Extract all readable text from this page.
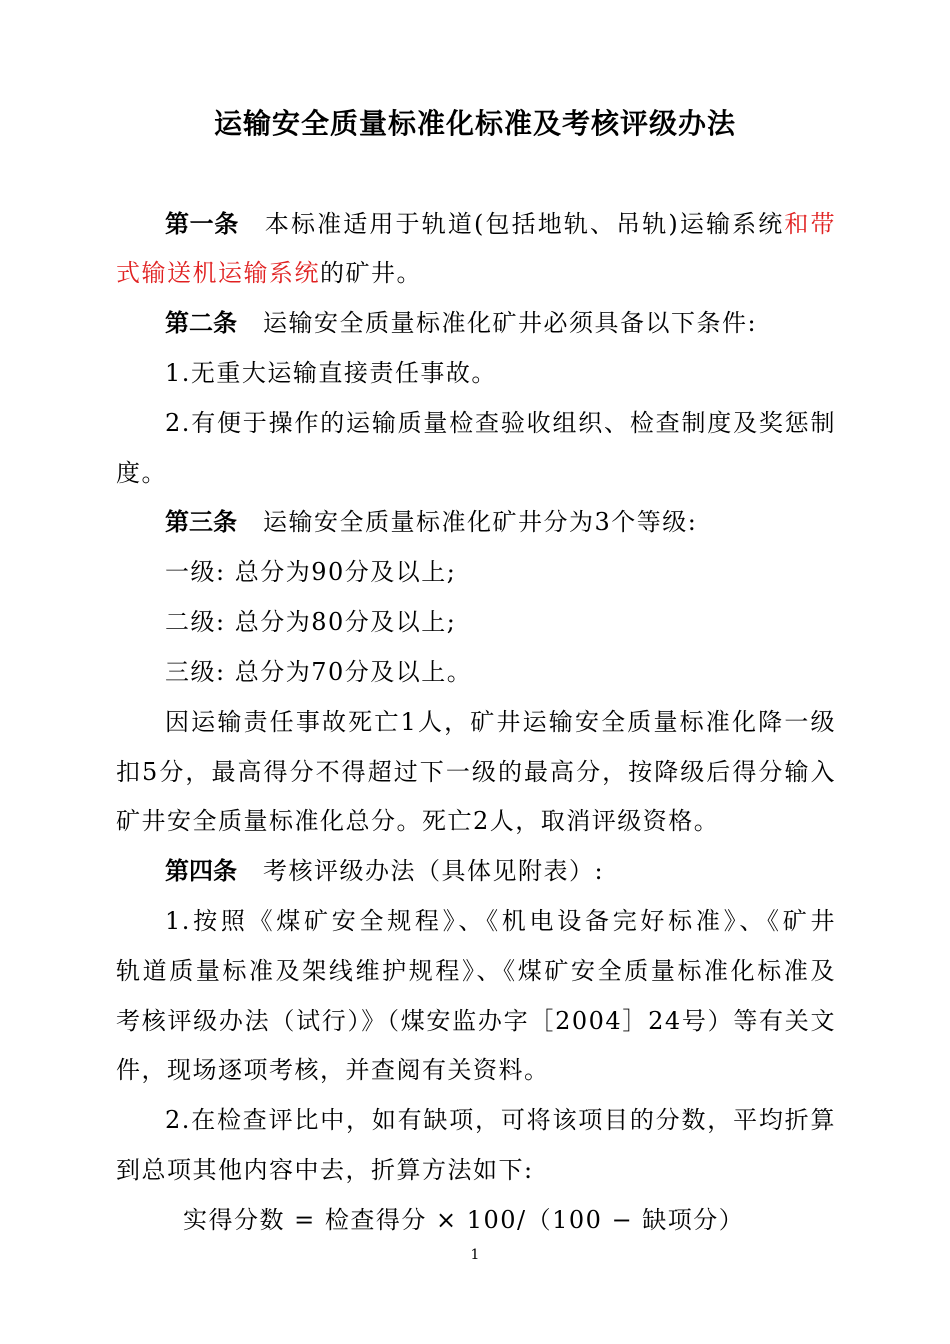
运输安全质量标准化标准及考核评级办法
第一条 本标准适用于轨道(包括地轨、吊轨)运输系统和带
式输送机运输系统的矿井。
第二条 运输安全质量标准化矿井必须具备以下条件:
1.无重大运输直接责任事故。
2.有便于操作的运输质量检查验收组织、检查制度及奖惩制
度。
第三条 运输安全质量标准化矿井分为3个等级:
一级: 总分为90分及以上;
二级: 总分为80分及以上;
三级: 总分为70分及以上。
因运输责任事故死亡1人，矿井运输安全质量标准化降一级
扣5分，最高得分不得超过下一级的最高分，按降级后得分输入
矿井安全质量标准化总分。死亡2人，取消评级资格。
第四条 考核评级办法（具体见附表）:
1.按照《煤矿安全规程》、《机电设备完好标准》、《矿井
轨道质量标准及架线维护规程》、《煤矿安全质量标准化标准及
考核评级办法（试行）》（煤安监办字［2004］24号）等有关文
件，现场逐项考核，并查阅有关资料。
2.在检查评比中，如有缺项，可将该项目的分数，平均折算
到总项其他内容中去，折算方法如下:
实得分数 = 检查得分 × 100/（100 − 缺项分）
1
